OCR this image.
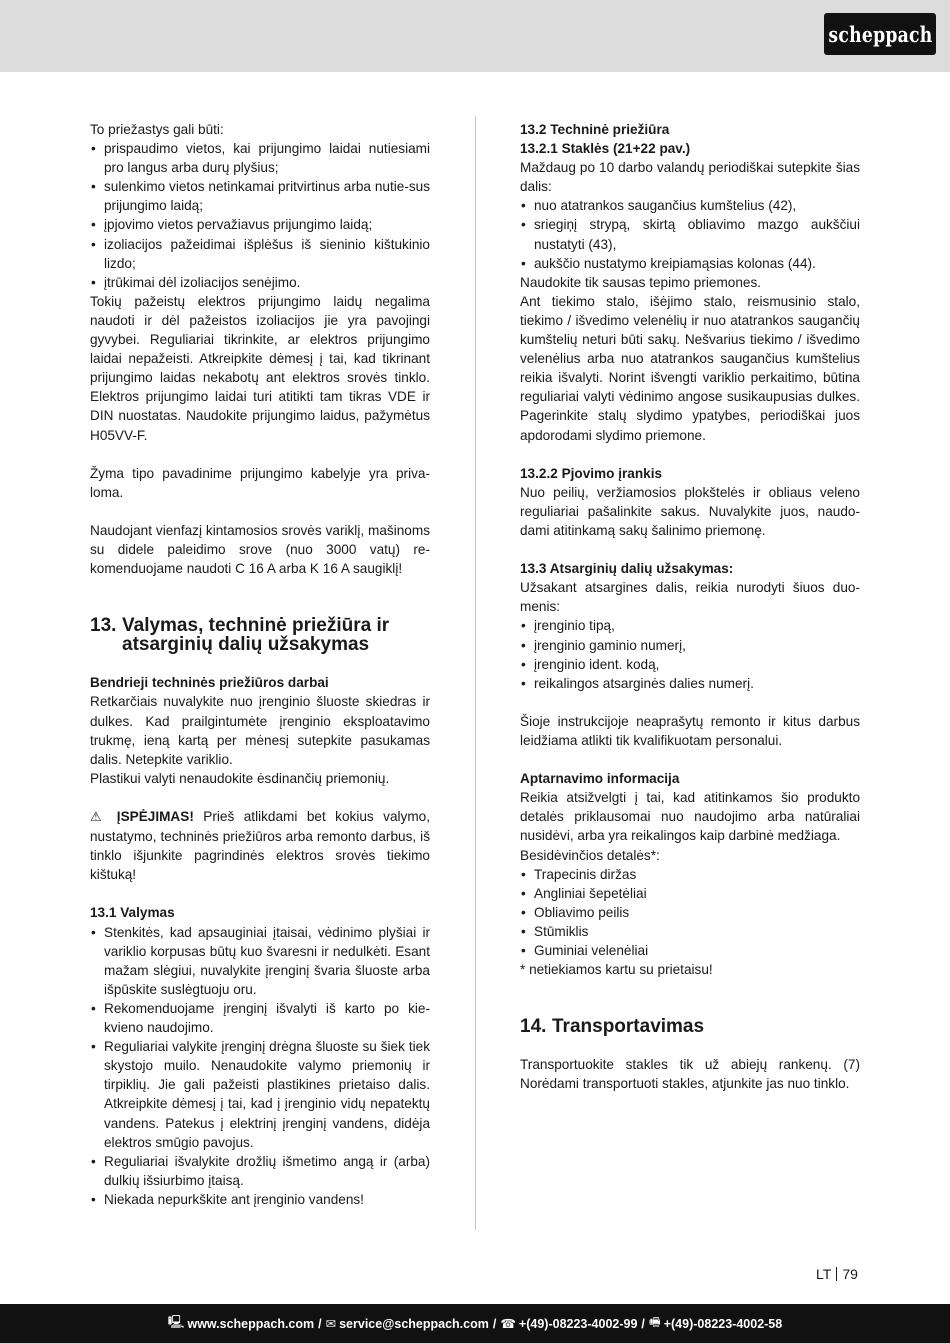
scheppach

To priežastys gali būti:

• prispaudimo vietos, kai prijungimo laidai nutiesiami pro langus arba durų plyšius;
• sulenkimo vietos netinkamai pritvirtinus arba nutie-sus prijungimo laidą;
• įpjovimo vietos pervažiavus prijungimo laidą;
• izoliacijos pažeidimai išplėšus iš sieninio kištukinio lizdo;
• įtrūkimai dėl izoliacijos senėjimo.

Tokių pažeistų elektros prijungimo laidų negalima naudoti ir dėl pažeistos izoliacijos jie yra pavojingi gyvybei. Reguliariai tikrinkite, ar elektros prijungimo laidai nepažeisti. Atkreipkite dėmesį į tai, kad tikrinant prijungimo laidas nekabotų ant elektros srovės tinklo. Elektros prijungimo laidai turi atitikti tam tikras VDE ir DIN nuostatas. Naudokite prijungimo laidus, pažymėtus H05VV-F.

Žyma tipo pavadinime prijungimo kabelyje yra privaloma.

Naudojant vienfazį kintamosios srovės variklį, mašinoms su didele paleidimo srove (nuo 3000 vatų) rekomenduojame naudoti C 16 A arba K 16 A saugiklį!

13. Valymas, techninė priežiūra ir atsarginių dalių užsakymas

Bendrieji techninės priežiūros darbai

Retkarčiais nuvalykite nuo įrenginio šluoste skiedras ir dulkes. Kad prailgintumėte įrenginio eksploatavimo trukmę, ieną kartą per mėnesį sutepkite pasukamas dalis. Netepkite variklio.

Plastikui valyti nenaudokite ėsdinančių priemonių.

⚠ ĮSPĖJIMAS! Prieš atlikdami bet kokius valymo, nustatymo, techninės priežiūros arba remonto darbus, iš tinklo išjunkite pagrindinės elektros srovės tiekimo kištuką!

13.1 Valymas

• Stenkitės, kad apsauginiai įtaisai, vėdinimo plyšiai ir variklio korpusas būtų kuo švaresni ir nedulkėti. Esant mažam slėgiui, nuvalykite įrenginį švaria šluoste arba išpūskite suslėgtuoju oru.
• Rekomenduojame įrenginį išvalyti iš karto po kiekvieno naudojimo.
• Reguliariai valykite įrenginį drėgna šluoste su šiek tiek skystojo muilo. Nenaudokite valymo priemonių ir tirpiklių. Jie gali pažeisti plastikines prietaiso dalis. Atkreipkite dėmesį į tai, kad į įrenginio vidų nepatektų vandens. Patekus į elektrinį įrenginį vandens, didėja elektros smūgio pavojus.
• Reguliariai išvalykite drožlių išmetimo angą ir (arba) dulkių išsiurbimo įtaisą.
• Niekada nepurkškite ant įrenginio vandens!

13.2 Techninė priežiūra

13.2.1 Staklės (21+22 pav.)

Maždaug po 10 darbo valandų periodiškai sutepkite šias dalis:

• nuo atatrankos saugančius kumštelius (42),
• sriegiņį strypą, skirtą obliavimo mazgo aukščiui nustatyti (43),
• aukščio nustatymo kreipiamąsias kolonas (44).

Naudokite tik sausas tepimo priemones.

Ant tiekimo stalo, išėjimo stalo, reismusinio stalo, tiekimo / išvedimo velenėlių ir nuo atatrankos saugančių kumštelių neturi būti sakų. Nešvarius tiekimo / išvedimo velenėlius arba nuo atatrankos saugančius kumštelius reikia išvalyti. Norint išvengti variklio perkaitimo, būtina reguliariai valyti vėdinimo angose susikaupusias dulkes. Pagerinkite stalų slydimo ypatybes, periodiškai juos apdorodami slydimo priemone.

13.2.2 Pjovimo įrankis

Nuo peilių, veržiamosios plokštelės ir obliaus veleno reguliariai pašalinkite sakus. Nuvalykite juos, naudodami atitinkamą sakų šalinimo priemonę.

13.3 Atsarginių dalių užsakymas:

Užsakant atsargines dalis, reikia nurodyti šiuos duomenis:

• įrenginio tipą,
• įrenginio gaminio numerį,
• įrenginio ident. kodą,
• reikalingos atsarginės dalies numerį.

Šioje instrukcijoje neaprašytų remonto ir kitus darbus leidžiama atlikti tik kvalifikuotam personalui.

Aptarnavimo informacija

Reikia atsižvelgti į tai, kad atitinkamos šio produkto detalės priklausomai nuo naudojimo arba natūraliai nusidėvi, arba yra reikalingos kaip darbinė medžiaga.

Besidėvinčios detalės*:

• Trapecinis diržas
• Angliniai šepetėliai
• Obliavimo peilis
• Stūmiklis
• Guminiai velenėliai

* netiekiamos kartu su prietaisu!

14. Transportavimas

Transportuokite stakles tik už abiejų rankenų. (7) Norėdami transportuoti stakles, atjunkite jas nuo tinklo.

LT 79
🖳 www.scheppach.com / ✉ service@scheppach.com / ☎ +(49)-08223-4002-99 / 🖷 +(49)-08223-4002-58
